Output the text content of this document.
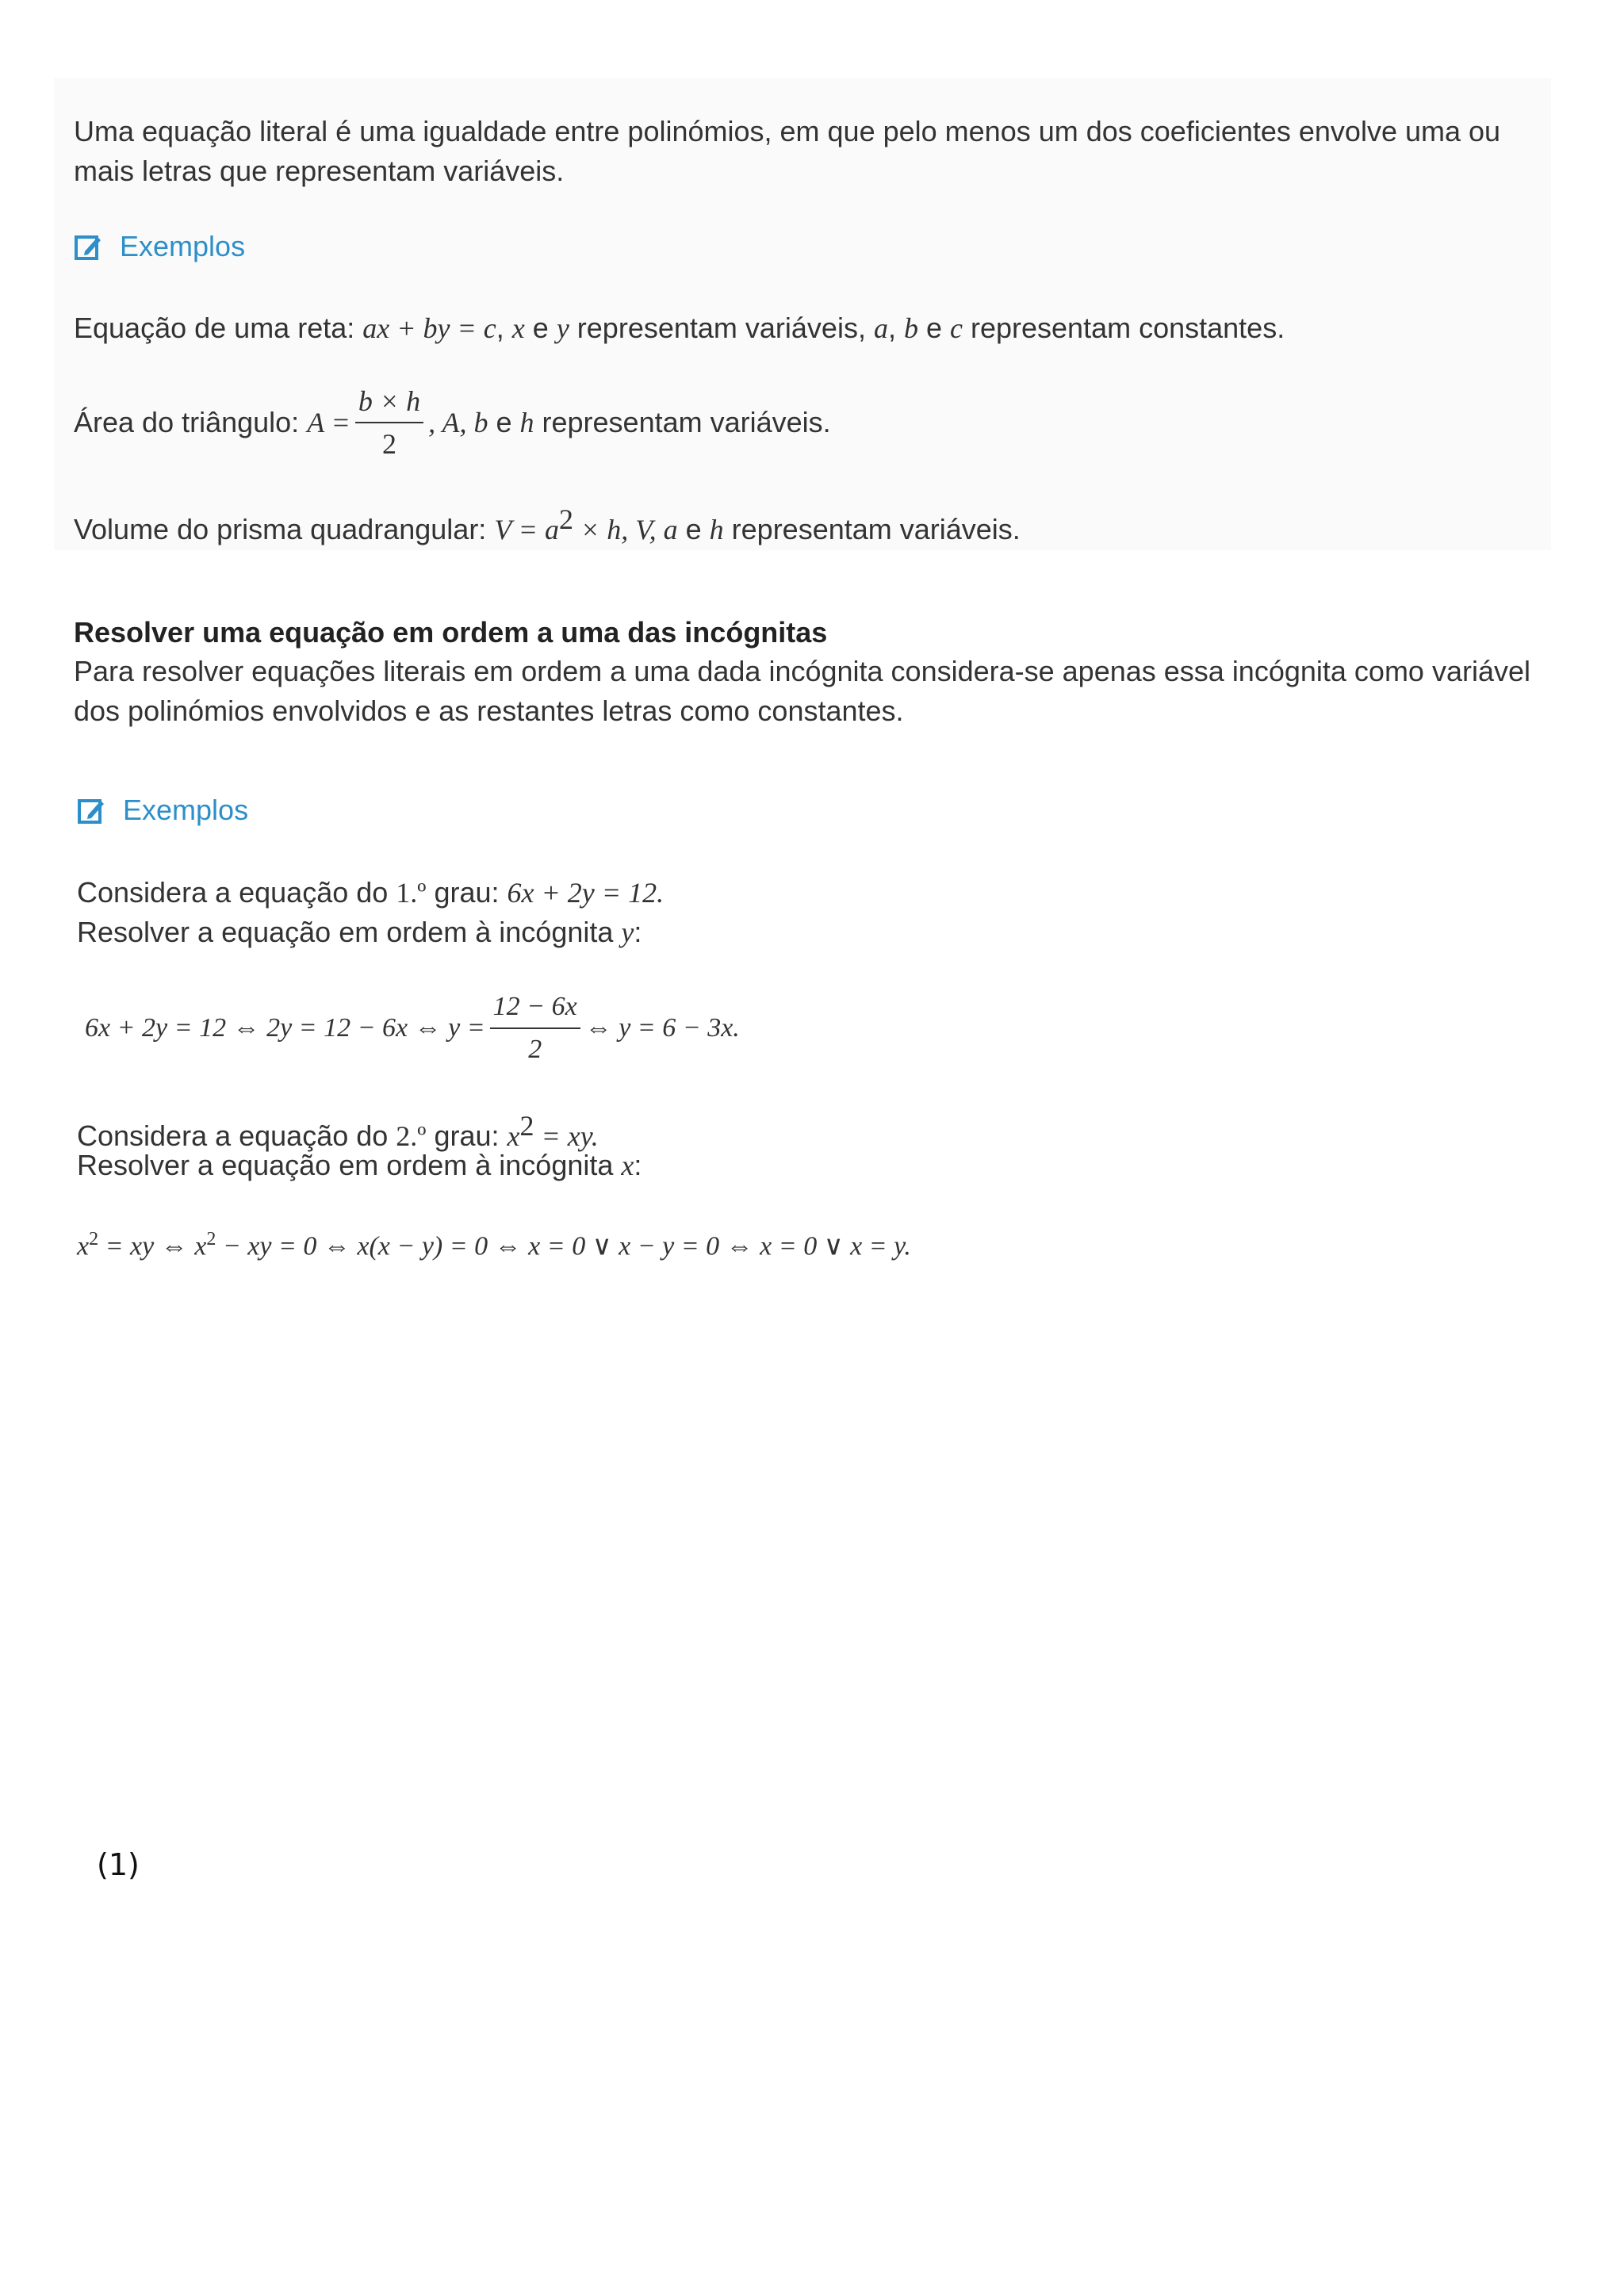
Uma equação literal é uma igualdade entre polinómios, em que pelo menos um dos coeficientes envolve uma ou
mais letras que representam variáveis.
Exemplos
Equação de uma reta: ax + by = c, x e y representam variáveis, a, b e c representam constantes.
Área do triângulo: $A = \frac{b \times h}{2}$ , A, b e h representam variáveis.
Volume do prisma quadrangular: $V = a^2 \times h$, V, a e h representam variáveis.
Resolver uma equação em ordem a uma das incógnitas
Para resolver equações literais em ordem a uma dada incógnita considera-se apenas essa incógnita como variável
dos polinómios envolvidos e as restantes letras como constantes.
Exemplos
Considera a equação do 1.º grau: 6x + 2y = 12.
Resolver a equação em ordem à incógnita y:
6x + 2y = 12 ⇔ 2y = 12 − 6x ⇔ $y = \frac{12 - 6x}{2}$ ⇔ y = 6 − 3x.
Considera a equação do 2.º grau: $x^2$ = xy.
Resolver a equação em ordem à incógnita x:
$x^2$ = xy ⇔ $x^2$ − xy = 0 ⇔ x(x − y) = 0 ⇔ x = 0 ∨ x − y = 0 ⇔ x = 0 ∨ x = y.
(1)
